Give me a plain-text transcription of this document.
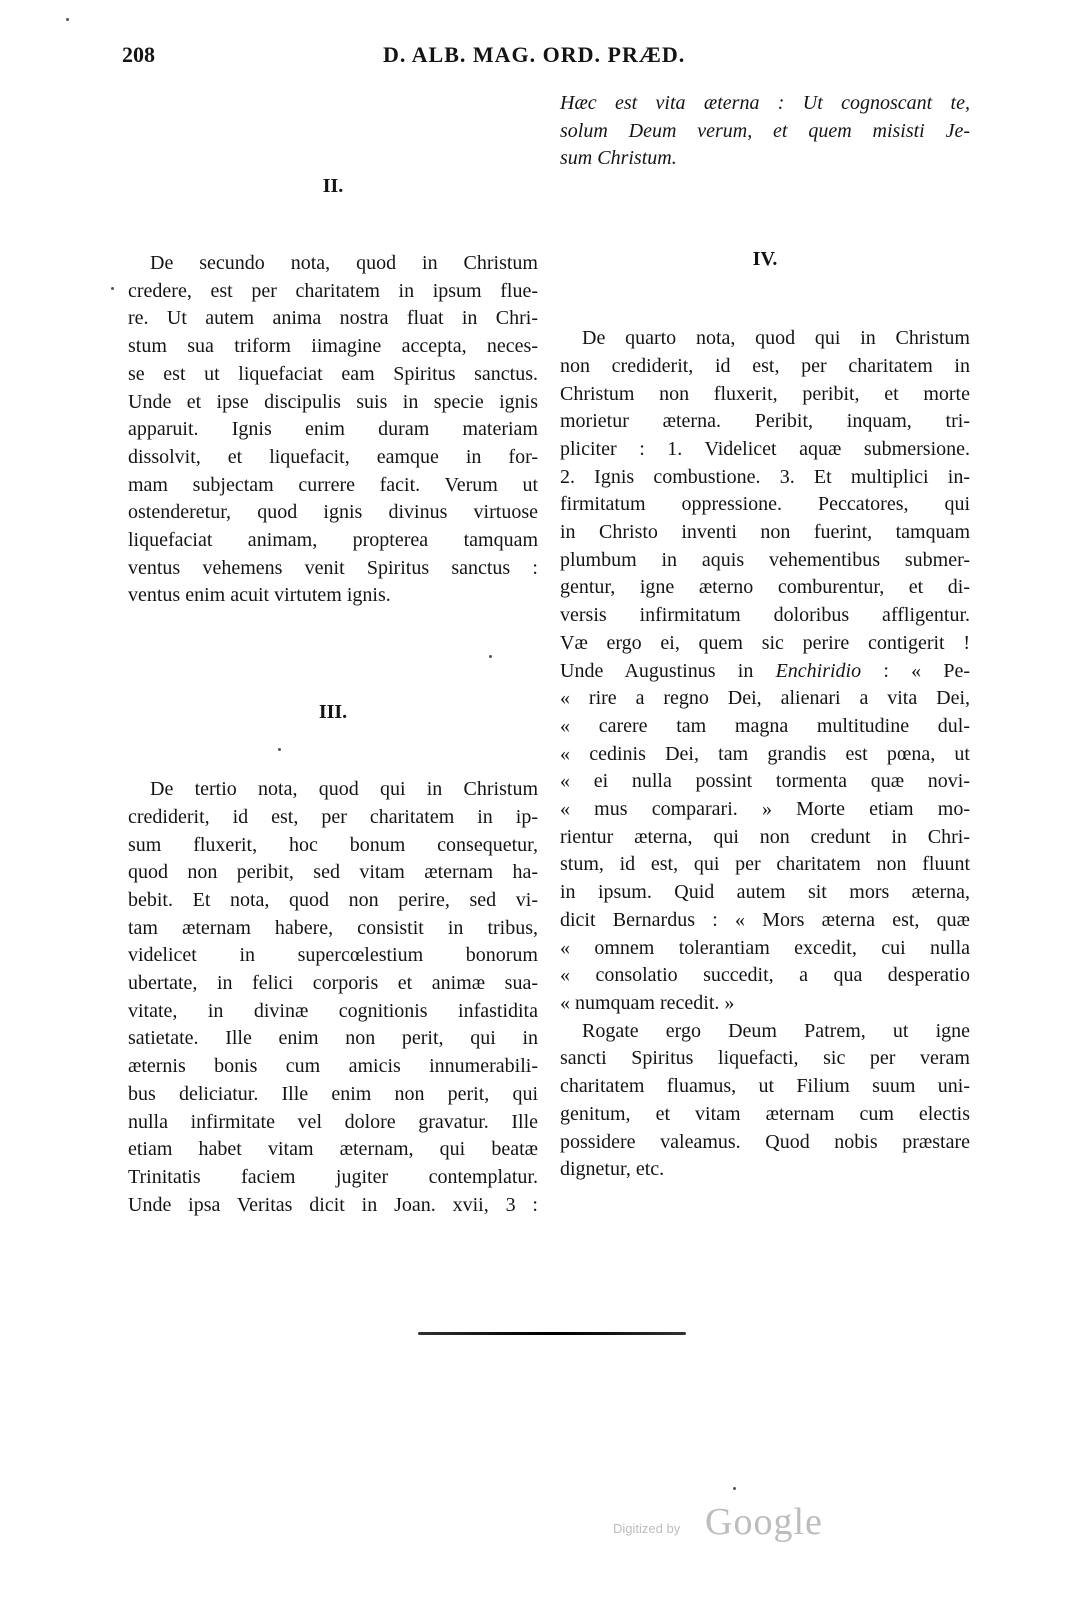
208	D. ALB. MAG. ORD. PRÆD.
II.
De secundo nota, quod in Christum
credere, est per charitatem in ipsum flue-
re. Ut autem anima nostra fluat in Chri-
stum sua triform iimagine accepta, neces-
se est ut liquefaciat eam Spiritus sanctus.
Unde et ipse discipulis suis in specie ignis
apparuit. Ignis enim duram materiam
dissolvit, et liquefacit, eamque in for-
mam subjectam currere facit. Verum ut
ostenderetur, quod ignis divinus virtuose
liquefaciat animam, propterea tamquam
ventus vehemens venit Spiritus sanctus :
ventus enim acuit virtutem ignis.
III.
De tertio nota, quod qui in Christum
crediderit, id est, per charitatem in ip-
sum fluxerit, hoc bonum consequetur,
quod non peribit, sed vitam æternam ha-
bebit. Et nota, quod non perire, sed vi-
tam æternam habere, consistit in tribus,
videlicet in supercœlestium bonorum
ubertate, in felici corporis et animæ sua-
vitate, in divinæ cognitionis infastidita
satietate. Ille enim non perit, qui in
æternis bonis cum amicis innumerabili-
bus deliciatur. Ille enim non perit, qui
nulla infirmitate vel dolore gravatur. Ille
etiam habet vitam æternam, qui beatæ
Trinitatis faciem jugiter contemplatur.
Unde ipsa Veritas dicit in Joan. xvii, 3 :
Hæc est vita æterna : Ut cognoscant te,
solum Deum verum, et quem misisti Je-
sum Christum.
IV.
De quarto nota, quod qui in Christum
non crediderit, id est, per charitatem in
Christum non fluxerit, peribit, et morte
morietur æterna. Peribit, inquam, tri-
pliciter : 1. Videlicet aquæ submersione.
2. Ignis combustione. 3. Et multiplici in-
firmitatum oppressione. Peccatores, qui
in Christo inventi non fuerint, tamquam
plumbum in aquis vehementibus submer-
gentur, igne æterno comburentur, et di-
versis infirmitatum doloribus affligentur.
Væ ergo ei, quem sic perire contigerit !
Unde Augustinus in Enchiridio : « Pe-
« rire a regno Dei, alienari a vita Dei,
« carere tam magna multitudine dul-
« cedinis Dei, tam grandis est pœna, ut
« ei nulla possint tormenta quæ novi-
« mus comparari. » Morte etiam mo-
rientur æterna, qui non credunt in Chri-
stum, id est, qui per charitatem non fluunt
in ipsum. Quid autem sit mors æterna,
dicit Bernardus : « Mors æterna est, quæ
« omnem tolerantiam excedit, cui nulla
« consolatio succedit, a qua desperatio
« numquam recedit. »
Rogate ergo Deum Patrem, ut igne
sancti Spiritus liquefacti, sic per veram
charitatem fluamus, ut Filium suum uni-
genitum, et vitam æternam cum electis
possidere valeamus. Quod nobis præstare
dignetur, etc.
Digitized by Google
